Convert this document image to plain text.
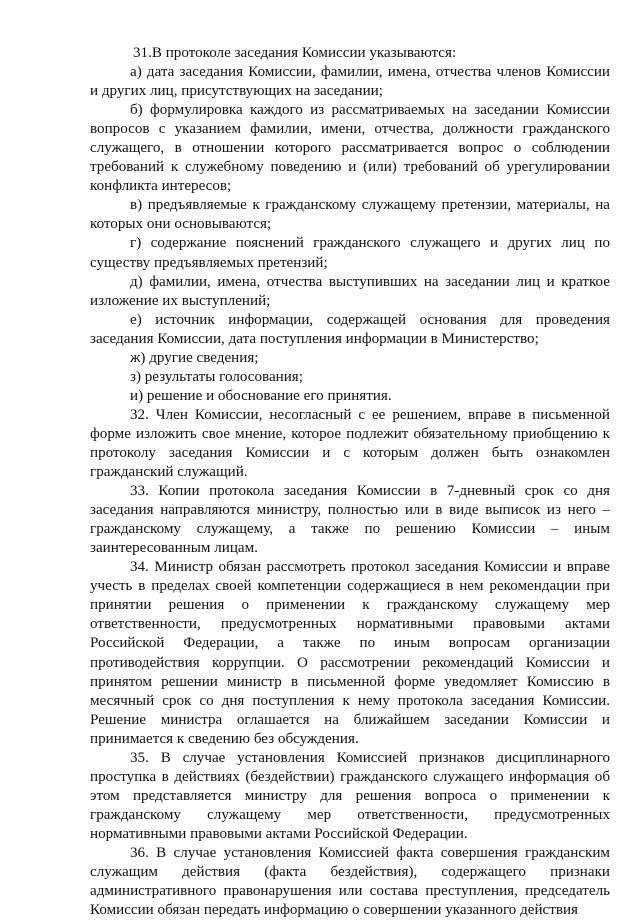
31.В протоколе заседания Комиссии указываются:

а) дата заседания Комиссии, фамилии, имена, отчества членов Комиссии и других лиц, присутствующих на заседании;

б) формулировка каждого из рассматриваемых на заседании Комиссии вопросов с указанием фамилии, имени, отчества, должности гражданского служащего, в отношении которого рассматривается вопрос о соблюдении требований к служебному поведению и (или) требований об урегулировании конфликта интересов;

в) предъявляемые к гражданскому служащему претензии, материалы, на которых они основываются;

г) содержание пояснений гражданского служащего и других лиц по существу предъявляемых претензий;

д) фамилии, имена, отчества выступивших на заседании лиц и краткое изложение их выступлений;

е) источник информации, содержащей основания для проведения заседания Комиссии, дата поступления информации в Министерство;

ж) другие сведения;

з) результаты голосования;

и) решение и обоснование его принятия.

32. Член Комиссии, несогласный с ее решением, вправе в письменной форме изложить свое мнение, которое подлежит обязательному приобщению к протоколу заседания Комиссии и с которым должен быть ознакомлен гражданский служащий.

33. Копии протокола заседания Комиссии в 7-дневный срок со дня заседания направляются министру, полностью или в виде выписок из него – гражданскому служащему, а также по решению Комиссии – иным заинтересованным лицам.

34. Министр обязан рассмотреть протокол заседания Комиссии и вправе учесть в пределах своей компетенции содержащиеся в нем рекомендации при принятии решения о применении к гражданскому служащему мер ответственности, предусмотренных нормативными правовыми актами Российской Федерации, а также по иным вопросам организации противодействия коррупции. О рассмотрении рекомендаций Комиссии и принятом решении министр в письменной форме уведомляет Комиссию в месячный срок со дня поступления к нему протокола заседания Комиссии. Решение министра оглашается на ближайшем заседании Комиссии и принимается к сведению без обсуждения.

35. В случае установления Комиссией признаков дисциплинарного проступка в действиях (бездействии) гражданского служащего информация об этом представляется министру для решения вопроса о применении к гражданскому служащему мер ответственности, предусмотренных нормативными правовыми актами Российской Федерации.

36. В случае установления Комиссией факта совершения гражданским служащим действия (факта бездействия), содержащего признаки административного правонарушения или состава преступления, председатель Комиссии обязан передать информацию о совершении указанного действия
